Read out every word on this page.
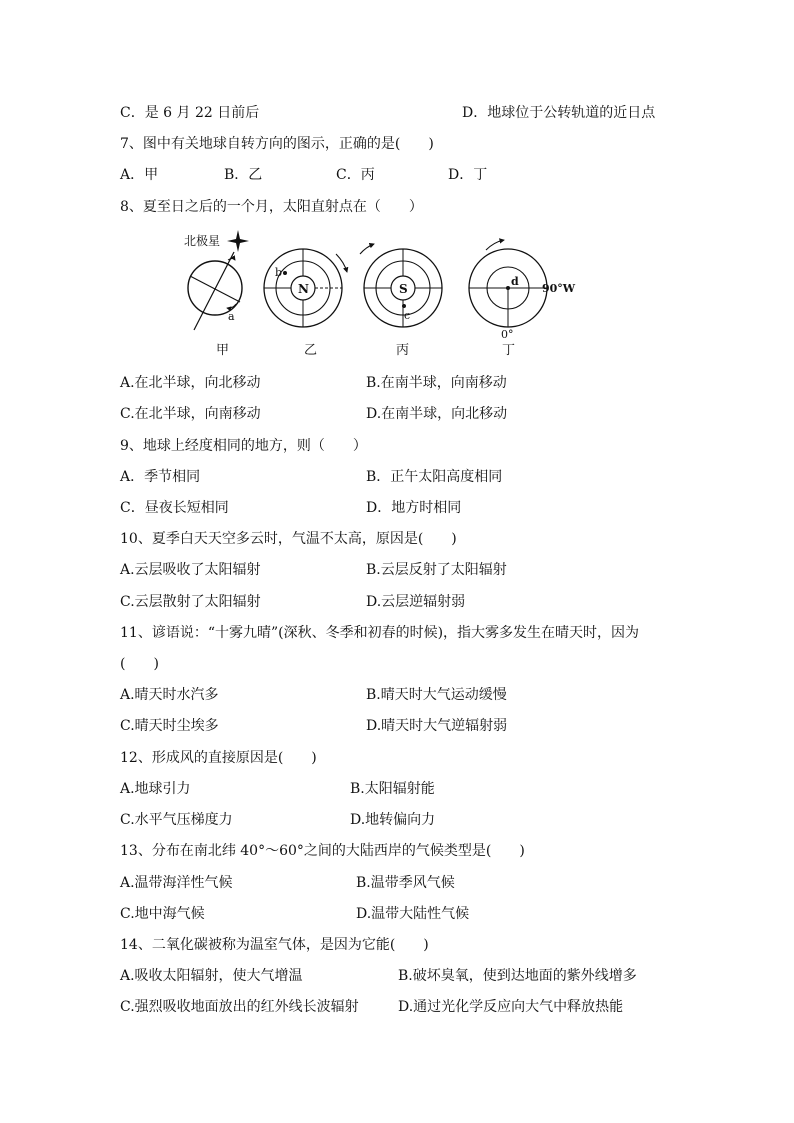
C．是 6 月 22 日前后	D．地球位于公转轨道的近日点
7、图中有关地球自转方向的图示，正确的是(　　)
A．甲	B．乙	C．丙	D．丁
8、夏至日之后的一个月，太阳直射点在（　　）
北极星
a
甲
N
b
乙
S
c
丙
d
90°W
0°
丁
A.在北半球，向北移动	B.在南半球，向南移动
C.在北半球，向南移动	D.在南半球，向北移动
9、地球上经度相同的地方，则（　　）
A．季节相同	B．正午太阳高度相同
C．昼夜长短相同	D．地方时相同
10、夏季白天天空多云时，气温不太高，原因是(　　)
A.云层吸收了太阳辐射	B.云层反射了太阳辐射
C.云层散射了太阳辐射	D.云层逆辐射弱
11、谚语说：“十雾九晴”(深秋、冬季和初春的时候)，指大雾多发生在晴天时，因为
(　　)
A.晴天时水汽多	B.晴天时大气运动缓慢
C.晴天时尘埃多	D.晴天时大气逆辐射弱
12、形成风的直接原因是(　　)
A.地球引力	B.太阳辐射能
C.水平气压梯度力	D.地转偏向力
13、分布在南北纬 40°～60°之间的大陆西岸的气候类型是(　　)
A.温带海洋性气候	B.温带季风气候
C.地中海气候	D.温带大陆性气候
14、二氧化碳被称为温室气体，是因为它能(　　)
A.吸收太阳辐射，使大气增温	B.破坏臭氧，使到达地面的紫外线增多
C.强烈吸收地面放出的红外线长波辐射	D.通过光化学反应向大气中释放热能
